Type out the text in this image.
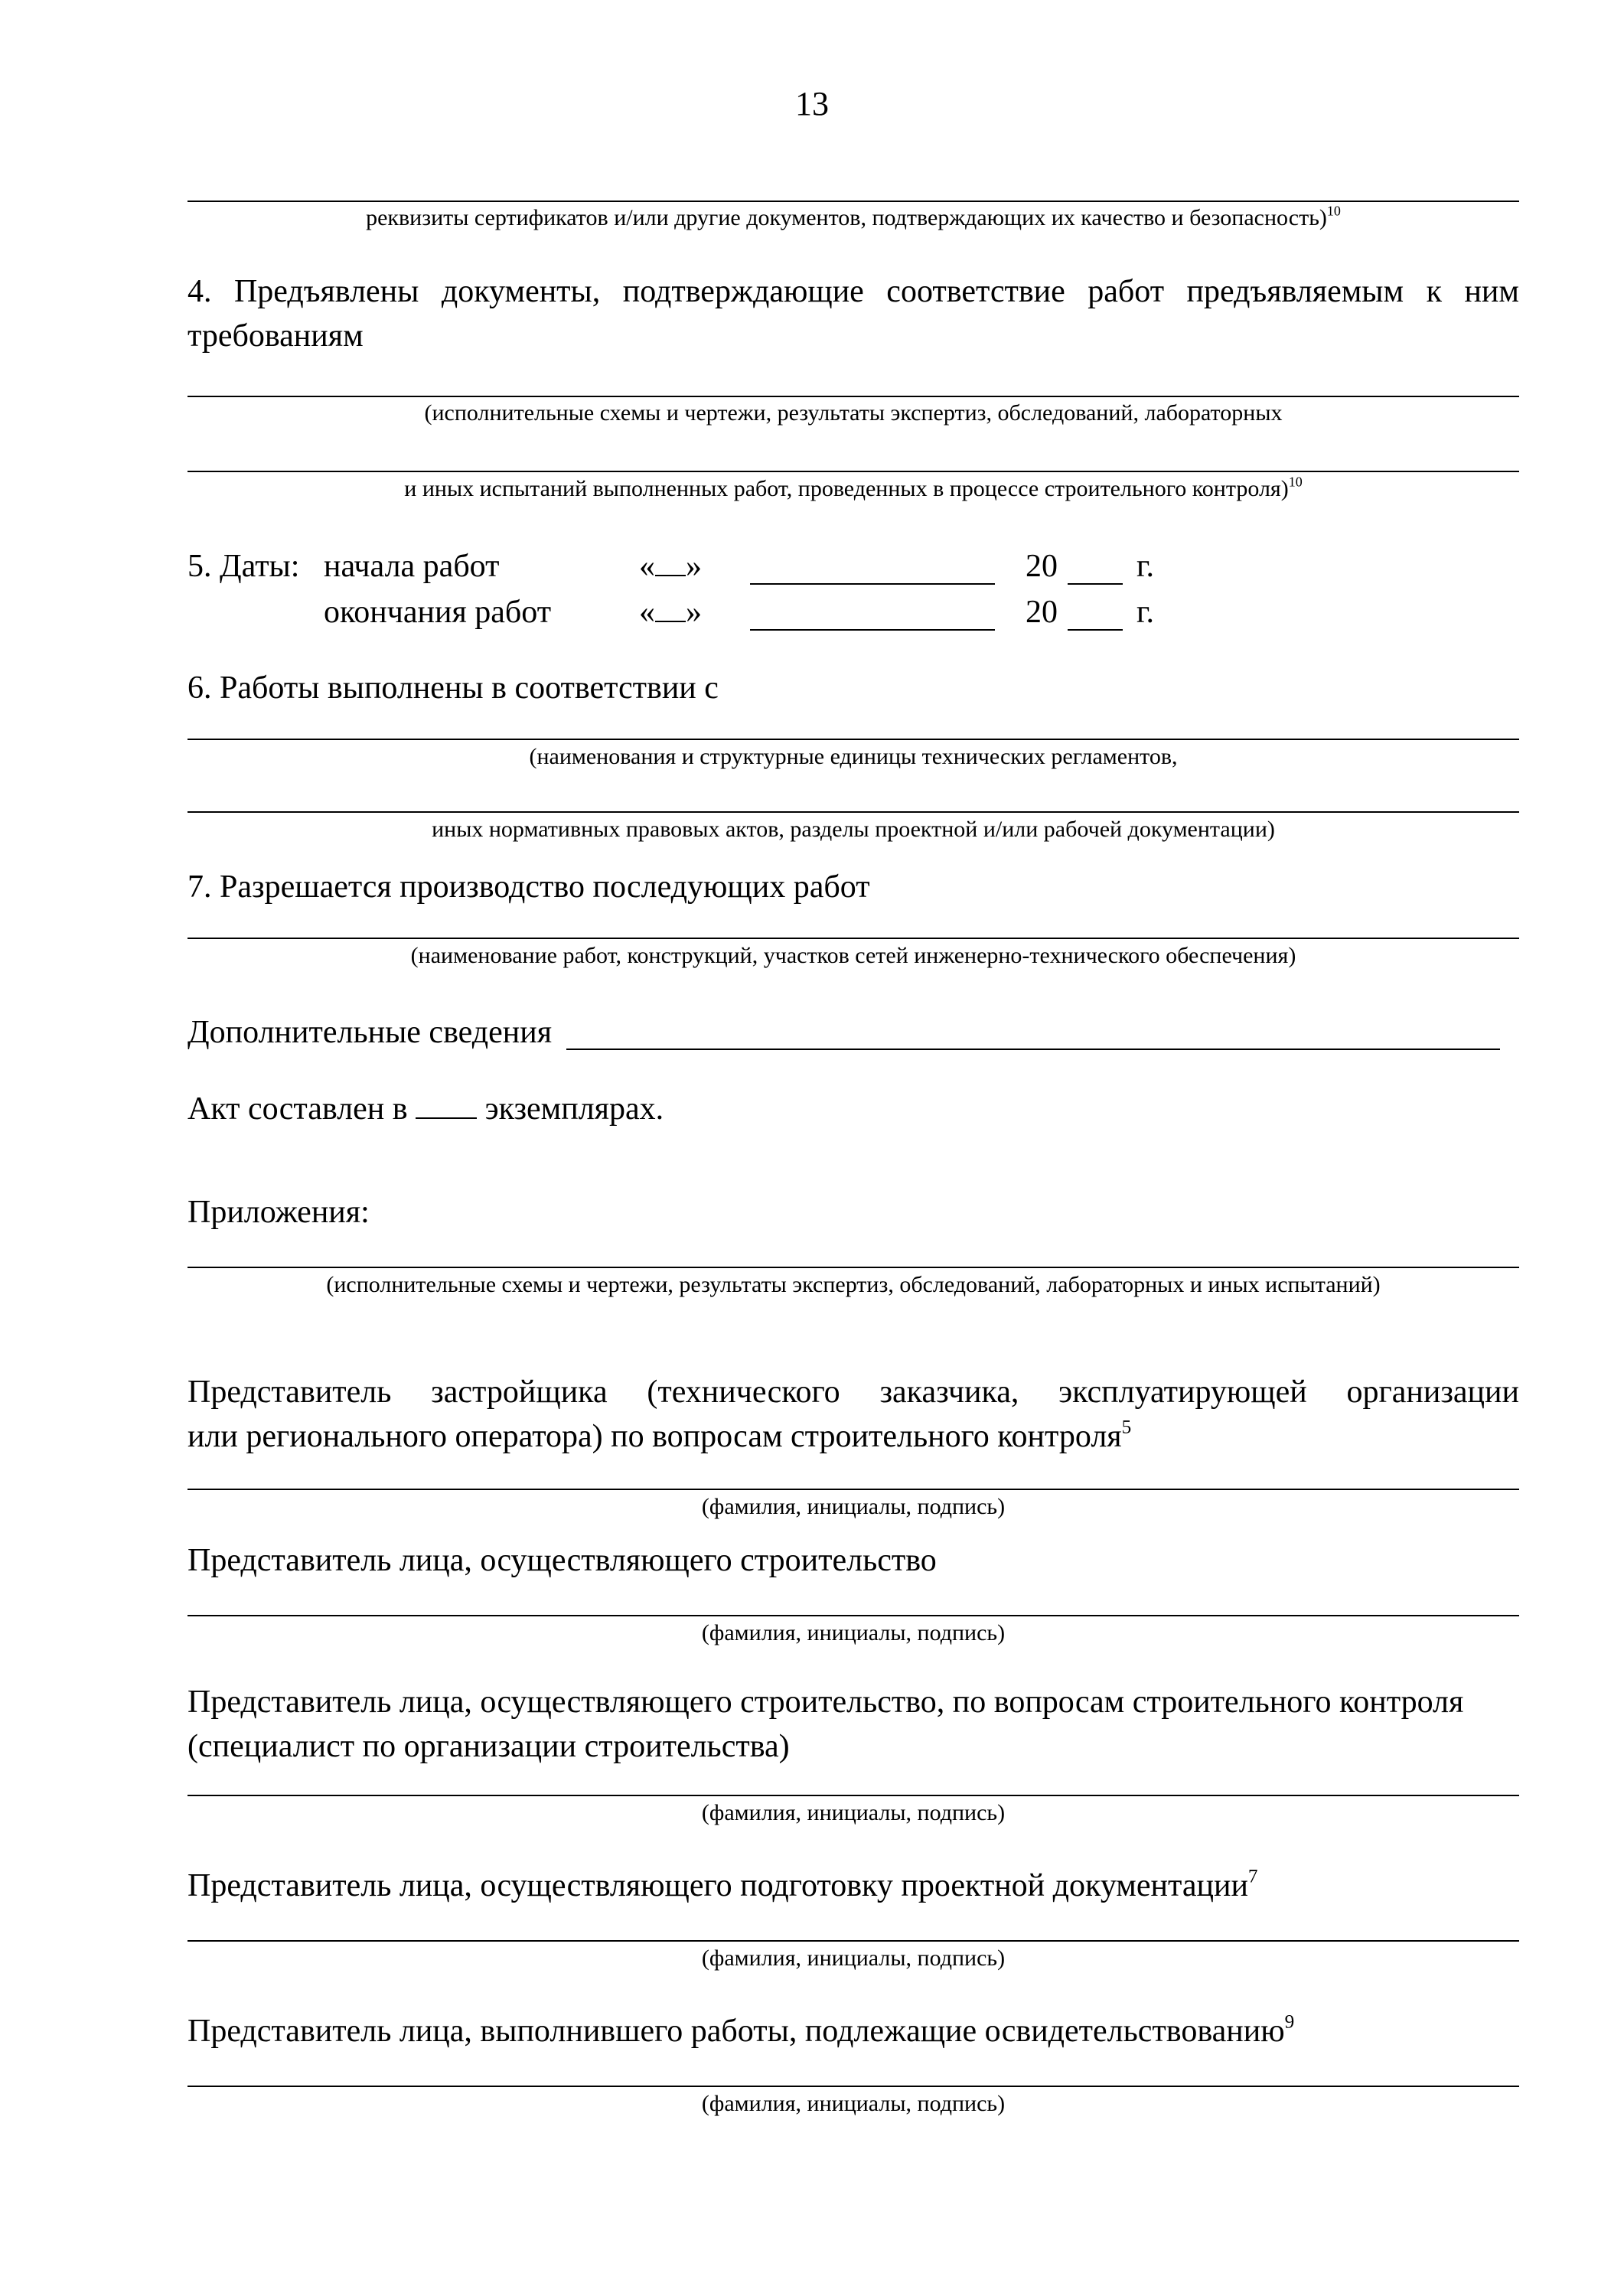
13
реквизиты сертификатов и/или другие документов, подтверждающих их качество и безопасность)$^{10}$
4. Предъявлены документы, подтверждающие соответствие работ предъявляемым к ним
требованиям
(исполнительные схемы и чертежи, результаты экспертиз, обследований, лабораторных
и иных испытаний выполненных работ, проведенных в процессе строительного контроля)$^{10}$
5. Даты: начала работ	« »	20 г.
окончания работ	« »	20 г.
6. Работы выполнены в соответствии с
(наименования и структурные единицы технических регламентов,
иных нормативных правовых актов, разделы проектной и/или рабочей документации)
7. Разрешается производство последующих работ
(наименование работ, конструкций, участков сетей инженерно-технического обеспечения)
Дополнительные сведения
Акт составлен в экземплярах.
Приложения:
(исполнительные схемы и чертежи, результаты экспертиз, обследований, лабораторных и иных испытаний)
Представитель застройщика (технического заказчика, эксплуатирующей организации
или регионального оператора) по вопросам строительного контроля$^5$
(фамилия, инициалы, подпись)
Представитель лица, осуществляющего строительство
(фамилия, инициалы, подпись)
Представитель лица, осуществляющего строительство, по вопросам строительного контроля
(специалист по организации строительства)
(фамилия, инициалы, подпись)
Представитель лица, осуществляющего подготовку проектной документации$^7$
(фамилия, инициалы, подпись)
Представитель лица, выполнившего работы, подлежащие освидетельствованию$^9$
(фамилия, инициалы, подпись)
